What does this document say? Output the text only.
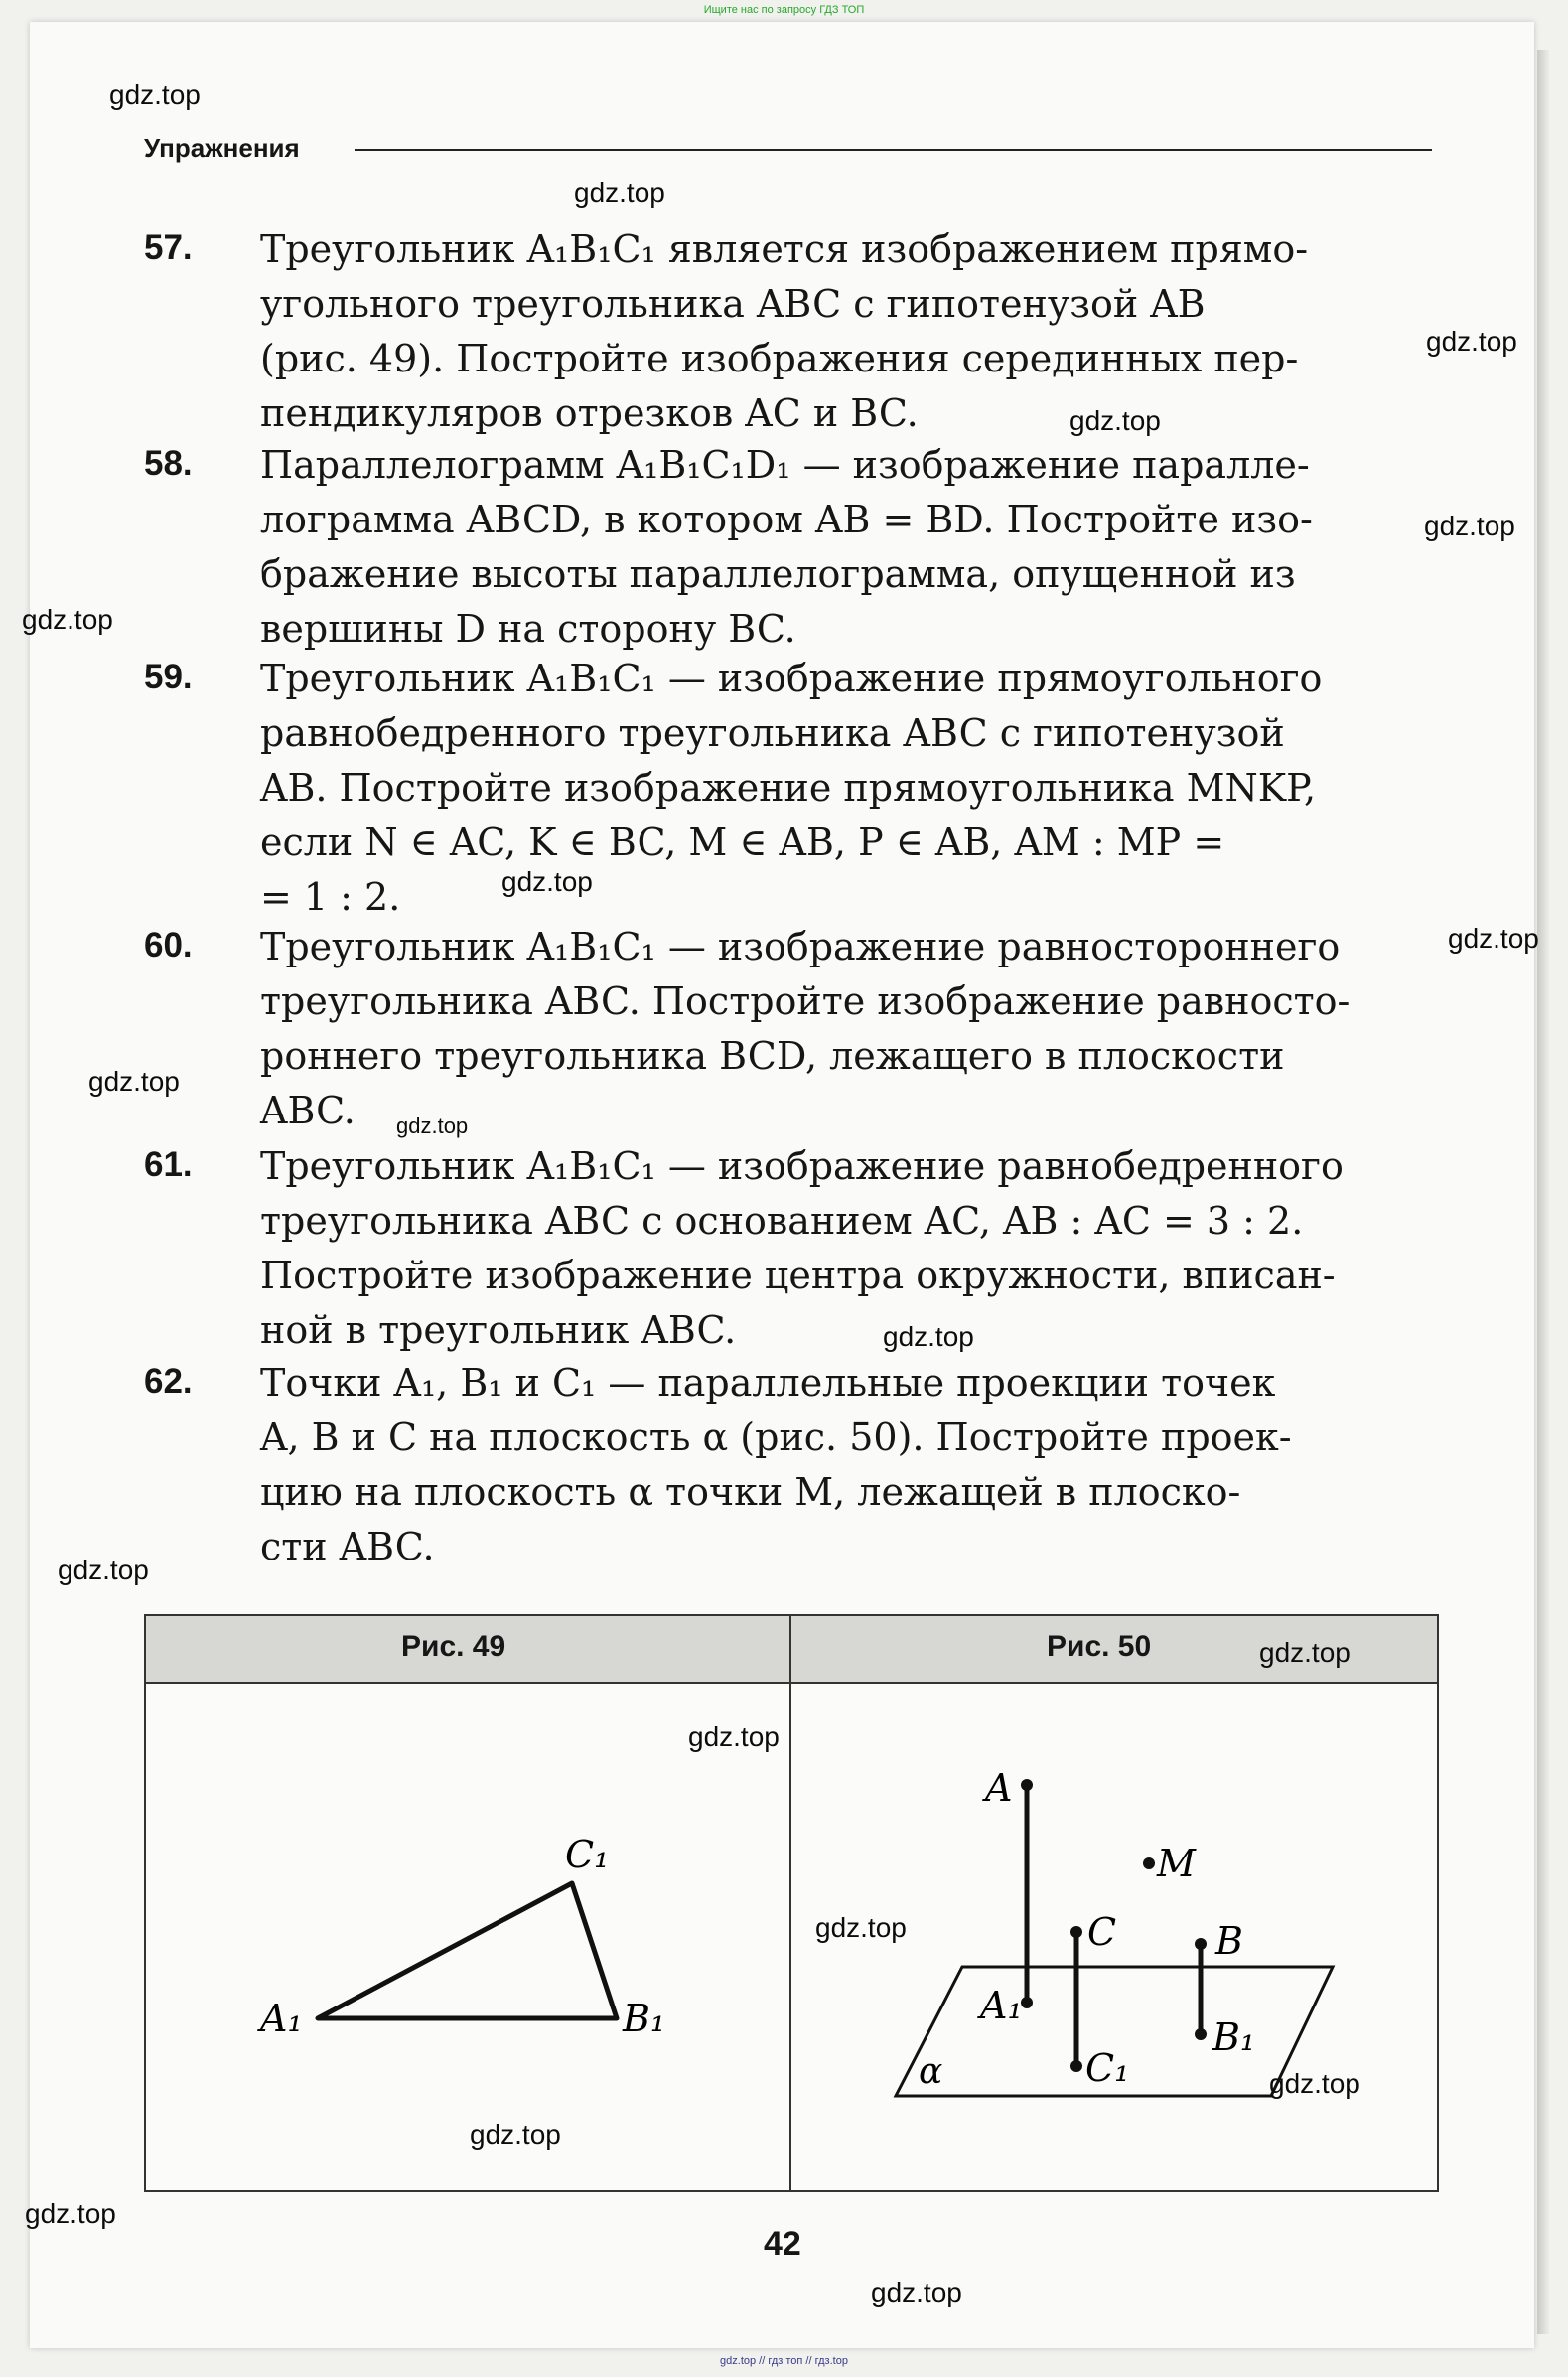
Ищите нас по запросу ГДЗ ТОП
Упражнения
57. Треугольник A₁B₁C₁ является изображением прямо-
угольного треугольника ABC с гипотенузой AB
(рис. 49). Постройте изображения серединных пер-
пендикуляров отрезков AC и BC.
58. Параллелограмм A₁B₁C₁D₁ — изображение паралле-
лограмма ABCD, в котором AB = BD. Постройте изо-
бражение высоты параллелограмма, опущенной из
вершины D на сторону BC.
59. Треугольник A₁B₁C₁ — изображение прямоугольного
равнобедренного треугольника ABC с гипотенузой
AB. Постройте изображение прямоугольника MNKP,
если N ∈ AC, K ∈ BC, M ∈ AB, P ∈ AB, AM : MP =
= 1 : 2.
60. Треугольник A₁B₁C₁ — изображение равностороннего
треугольника ABC. Постройте изображение равносто-
роннего треугольника BCD, лежащего в плоскости
ABC.
61. Треугольник A₁B₁C₁ — изображение равнобедренного
треугольника ABC с основанием AC, AB : AC = 3 : 2.
Постройте изображение центра окружности, вписан-
ной в треугольник ABC.
62. Точки A₁, B₁ и C₁ — параллельные проекции точек
A, B и C на плоскость α (рис. 50). Постройте проек-
цию на плоскость α точки M, лежащей в плоско-
сти ABC.
Рис. 49	Рис. 50
A₁	B₁
C₁
A
M
C	B
A₁
B₁
C₁
α
42
gdz.top
gdz.top
gdz.top
gdz.top
gdz.top
gdz.top
gdz.top
gdz.top
gdz.top
gdz.top
gdz.top
gdz.top
gdz.top
gdz.top
gdz.top
gdz.top
gdz.top
gdz.top
gdz.top
gdz.top // гдз топ // гдз.top
